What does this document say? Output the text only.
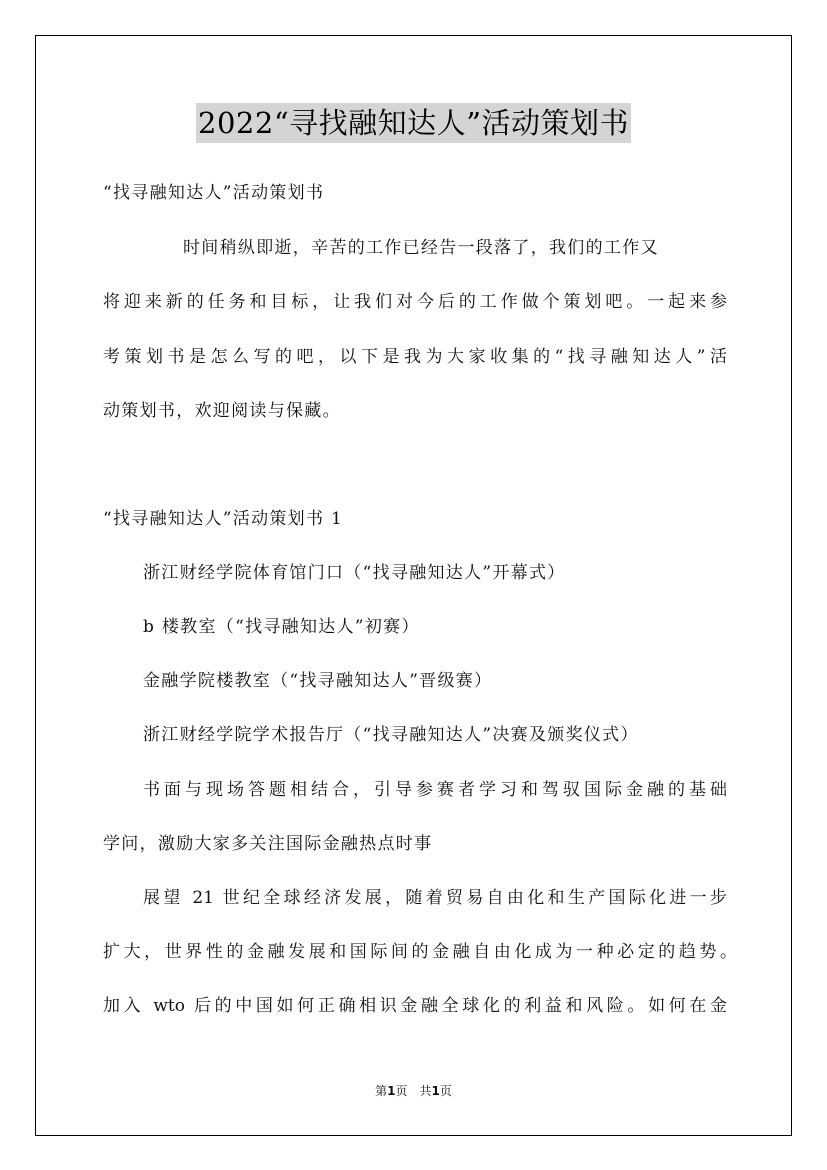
2022“寻找融知达人”活动策划书
“找寻融知达人”活动策划书
时间稍纵即逝，辛苦的工作已经告一段落了，我们的工作又
将迎来新的任务和目标，让我们对今后的工作做个策划吧。一起来参
考策划书是怎么写的吧，以下是我为大家收集的“找寻融知达人”活
动策划书，欢迎阅读与保藏。
“找寻融知达人”活动策划书 1
浙江财经学院体育馆门口（“找寻融知达人”开幕式）
b 楼教室（“找寻融知达人”初赛）
金融学院楼教室（“找寻融知达人”晋级赛）
浙江财经学院学术报告厅（“找寻融知达人”决赛及颁奖仪式）
书面与现场答题相结合，引导参赛者学习和驾驭国际金融的基础
学问，激励大家多关注国际金融热点时事
展望 21 世纪全球经济发展，随着贸易自由化和生产国际化进一步
扩大，世界性的金融发展和国际间的金融自由化成为一种必定的趋势。
加入 wto 后的中国如何正确相识金融全球化的利益和风险。如何在金
第1页 共1页
